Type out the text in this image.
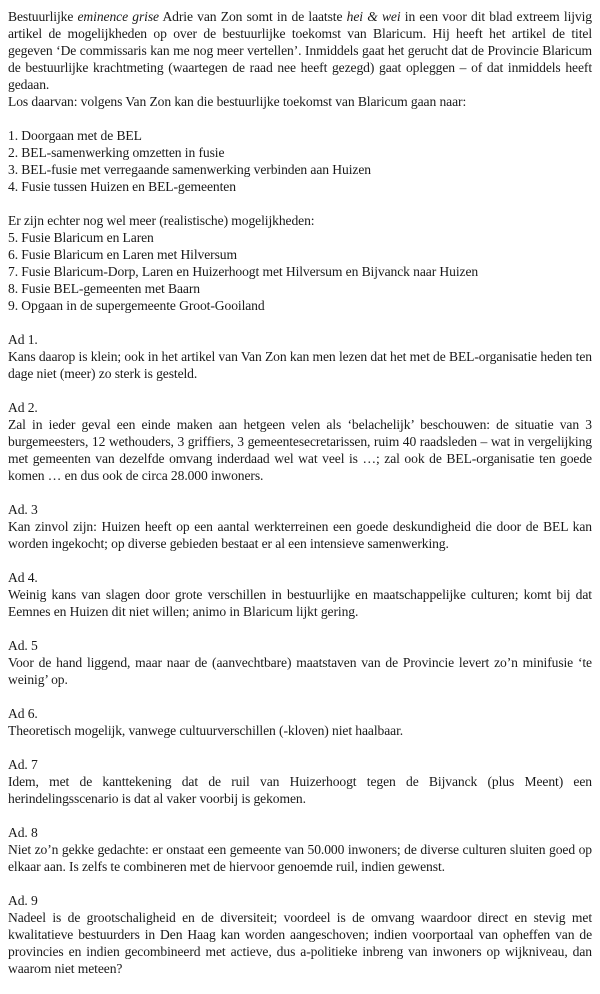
Bestuurlijke eminence grise Adrie van Zon somt in de laatste hei & wei in een voor dit blad extreem lijvig artikel de mogelijkheden op over de bestuurlijke toekomst van Blaricum. Hij heeft het artikel de titel gegeven ‘De commissaris kan me nog meer vertellen’. Inmiddels gaat het gerucht dat de Provincie Blaricum de bestuurlijke krachtmeting (waartegen de raad nee heeft gezegd) gaat opleggen – of dat inmiddels heeft gedaan.

Los daarvan: volgens Van Zon kan die bestuurlijke toekomst van Blaricum gaan naar:

1. Doorgaan met de BEL
2. BEL-samenwerking omzetten in fusie
3. BEL-fusie met verregaande samenwerking verbinden aan Huizen
4. Fusie tussen Huizen en BEL-gemeenten

Er zijn echter nog wel meer (realistische) mogelijkheden:

5. Fusie Blaricum en Laren
6. Fusie Blaricum en Laren met Hilversum
7. Fusie Blaricum-Dorp, Laren en Huizerhoogt met Hilversum en Bijvanck naar Huizen
8. Fusie BEL-gemeenten met Baarn
9. Opgaan in de supergemeente Groot-Gooiland

Ad 1.

Kans daarop is klein; ook in het artikel van Van Zon kan men lezen dat het met de BEL-organisatie heden ten dage niet (meer) zo sterk is gesteld.

Ad 2.

Zal in ieder geval een einde maken aan hetgeen velen als ‘belachelijk’ beschouwen: de situatie van 3 burgemeesters, 12 wethouders, 3 griffiers, 3 gemeentesecretarissen, ruim 40 raadsleden – wat in vergelijking met gemeenten van dezelfde omvang inderdaad wel wat veel is …; zal ook de BEL-organisatie ten goede komen … en dus ook de circa 28.000 inwoners.

Ad. 3

Kan zinvol zijn: Huizen heeft op een aantal werkterreinen een goede deskundigheid die door de BEL kan worden ingekocht; op diverse gebieden bestaat er al een intensieve samenwerking.

Ad 4.

Weinig kans van slagen door grote verschillen in bestuurlijke en maatschappelijke culturen; komt bij dat Eemnes en Huizen dit niet willen; animo in Blaricum lijkt gering.

Ad. 5

Voor de hand liggend, maar naar de (aanvechtbare) maatstaven van de Provincie levert zo’n minifusie ‘te weinig’ op.

Ad 6.

Theoretisch mogelijk, vanwege cultuurverschillen (-kloven) niet haalbaar.

Ad. 7

Idem, met de kanttekening dat de ruil van Huizerhoogt tegen de Bijvanck (plus Meent) een herindelingsscenario is dat al vaker voorbij is gekomen.

Ad. 8

Niet zo’n gekke gedachte: er onstaat een gemeente van 50.000 inwoners; de diverse culturen sluiten goed op elkaar aan. Is zelfs te combineren met de hiervoor genoemde ruil, indien gewenst.

Ad. 9

Nadeel is de grootschaligheid en de diversiteit; voordeel is de omvang waardoor direct en stevig met kwalitatieve bestuurders in Den Haag kan worden aangeschoven; indien voorportaal van opheffen van de provincies en indien gecombineerd met actieve, dus a-politieke inbreng van inwoners op wijkniveau, dan waarom niet meteen?
